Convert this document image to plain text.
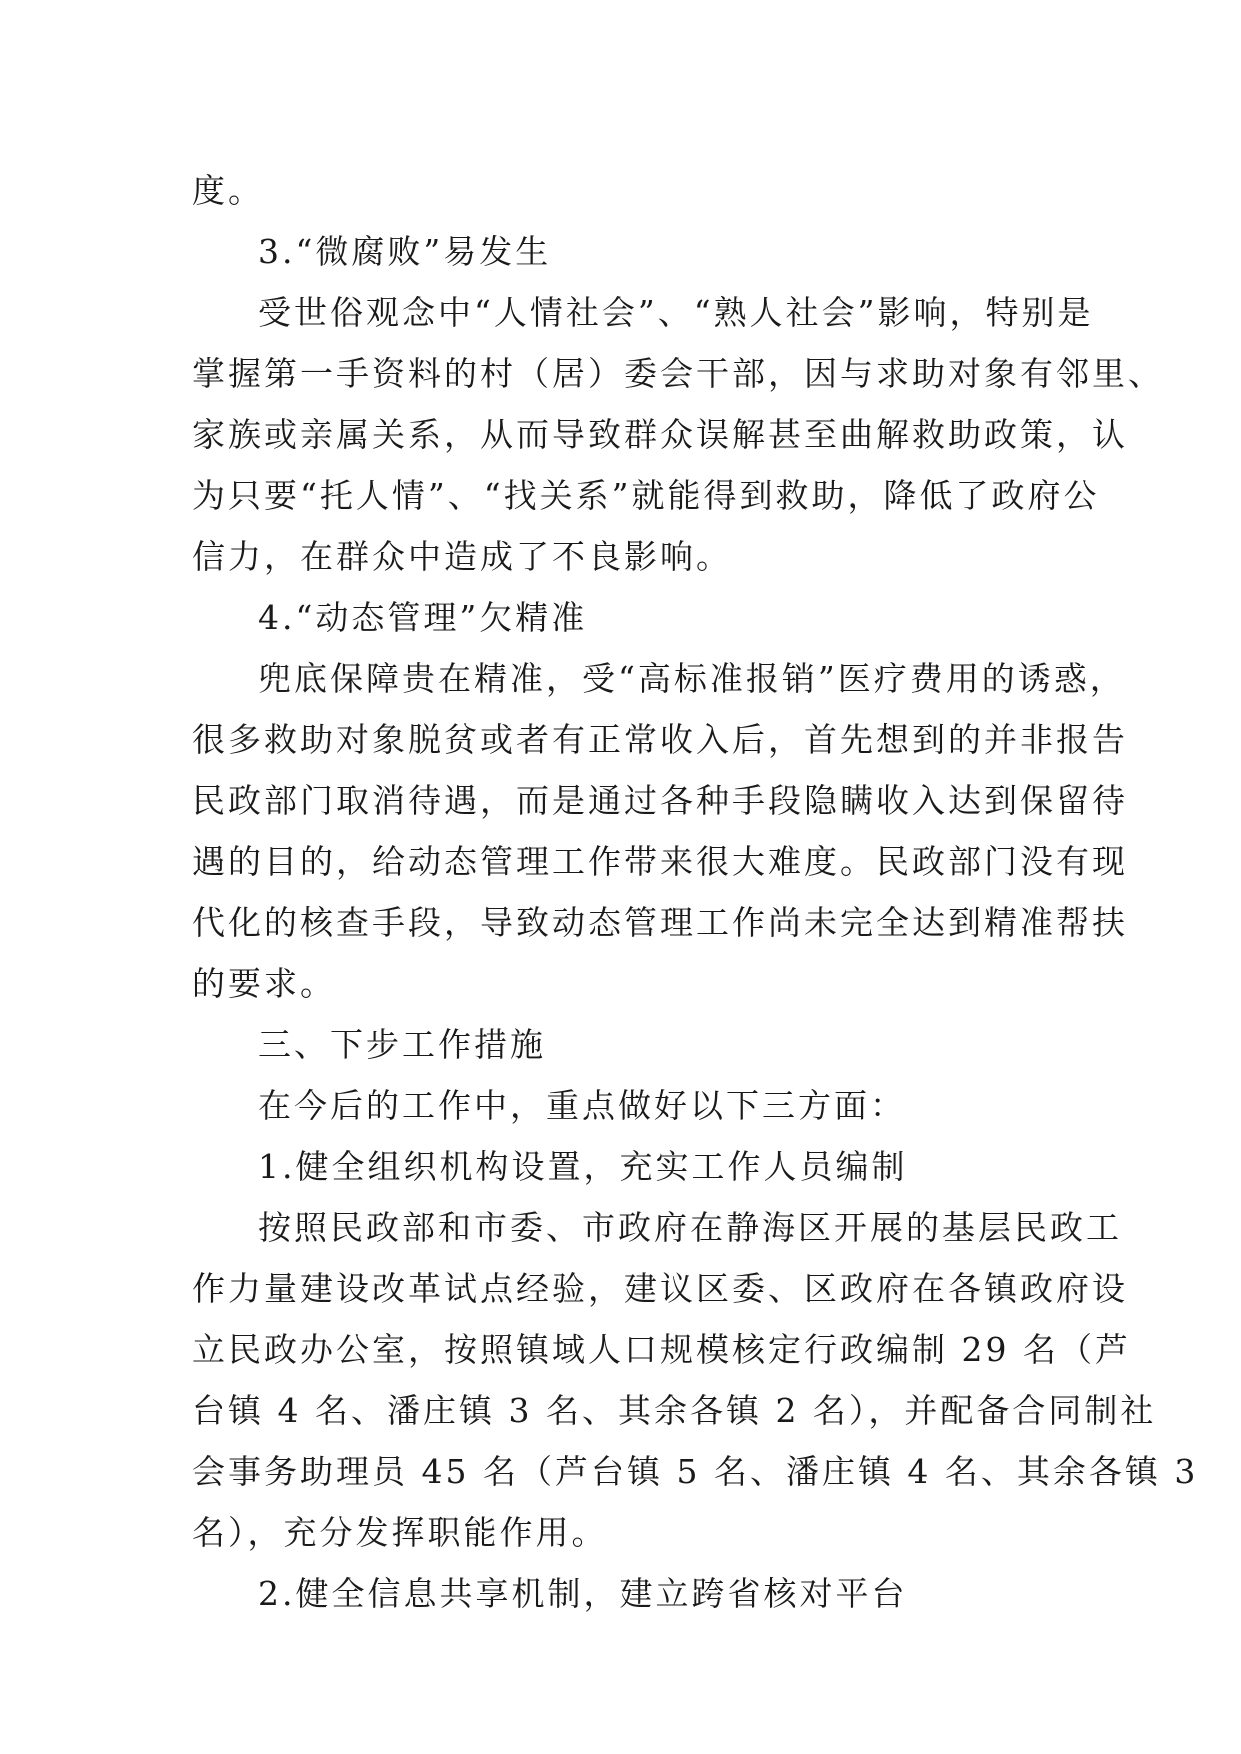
度。
3.“微腐败”易发生
受世俗观念中“人情社会”、“熟人社会”影响，特别是
掌握第一手资料的村（居）委会干部，因与求助对象有邻里、
家族或亲属关系，从而导致群众误解甚至曲解救助政策，认
为只要“托人情”、“找关系”就能得到救助，降低了政府公
信力，在群众中造成了不良影响。
4.“动态管理”欠精准
兜底保障贵在精准，受“高标准报销”医疗费用的诱惑，
很多救助对象脱贫或者有正常收入后，首先想到的并非报告
民政部门取消待遇，而是通过各种手段隐瞒收入达到保留待
遇的目的，给动态管理工作带来很大难度。民政部门没有现
代化的核查手段，导致动态管理工作尚未完全达到精准帮扶
的要求。
三、下步工作措施
在今后的工作中，重点做好以下三方面：
1.健全组织机构设置，充实工作人员编制
按照民政部和市委、市政府在静海区开展的基层民政工
作力量建设改革试点经验，建议区委、区政府在各镇政府设
立民政办公室，按照镇域人口规模核定行政编制 29 名（芦
台镇 4 名、潘庄镇 3 名、其余各镇 2 名），并配备合同制社
会事务助理员 45 名（芦台镇 5 名、潘庄镇 4 名、其余各镇 3
名），充分发挥职能作用。
2.健全信息共享机制，建立跨省核对平台
